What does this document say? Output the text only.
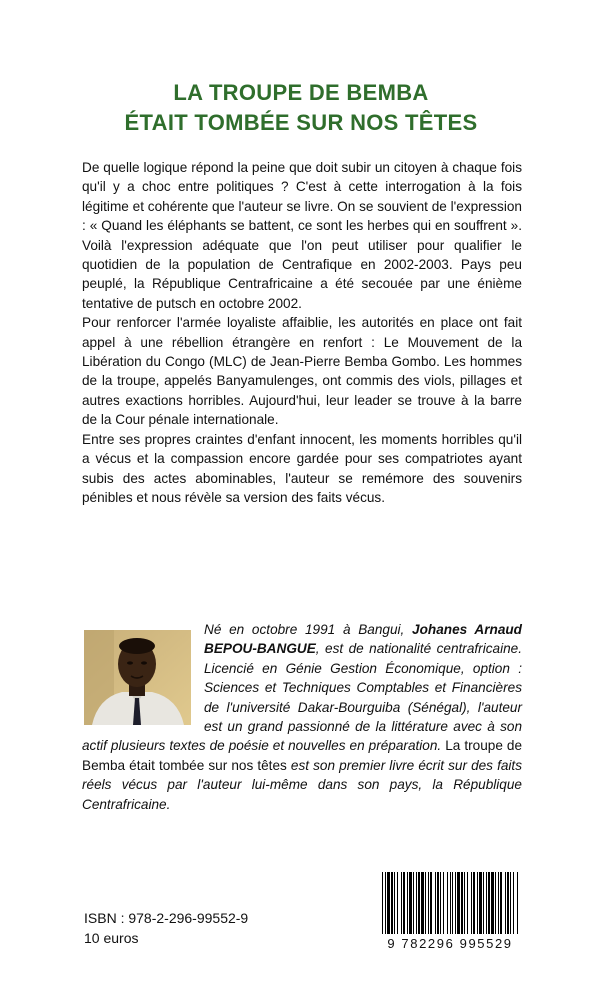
LA TROUPE DE BEMBA
ÉTAIT TOMBÉE SUR NOS TÊTES

De quelle logique répond la peine que doit subir un citoyen à chaque fois qu'il y a choc entre politiques ? C'est à cette interrogation à la fois légitime et cohérente que l'auteur se livre. On se souvient de l'expression : « Quand les éléphants se battent, ce sont les herbes qui en souffrent ». Voilà l'expression adéquate que l'on peut utiliser pour qualifier le quotidien de la population de Centrafique en 2002-2003. Pays peu peuplé, la République Centrafricaine a été secouée par une énième tentative de putsch en octobre 2002.

Pour renforcer l'armée loyaliste affaiblie, les autorités en place ont fait appel à une rébellion étrangère en renfort : Le Mouvement de la Libération du Congo (MLC) de Jean-Pierre Bemba Gombo. Les hommes de la troupe, appelés Banyamulenges, ont commis des viols, pillages et autres exactions horribles. Aujourd'hui, leur leader se trouve à la barre de la Cour pénale internationale.

Entre ses propres craintes d'enfant innocent, les moments horribles qu'il a vécus et la compassion encore gardée pour ses compatriotes ayant subis des actes abominables, l'auteur se remémore des souvenirs pénibles et nous révèle sa version des faits vécus.

Né en octobre 1991 à Bangui, Johanes Arnaud BEPOU-BANGUE, est de nationalité centrafricaine. Licencié en Génie Gestion Économique, option : Sciences et Techniques Comptables et Financières de l'université Dakar-Bourguiba (Sénégal), l'auteur est un grand passionné de la littérature avec à son actif plusieurs textes de poésie et nouvelles en préparation. La troupe de Bemba était tombée sur nos têtes est son premier livre écrit sur des faits réels vécus par l'auteur lui-même dans son pays, la République Centrafricaine.
ISBN : 978-2-296-99552-9
10 euros	9 782296 995529
